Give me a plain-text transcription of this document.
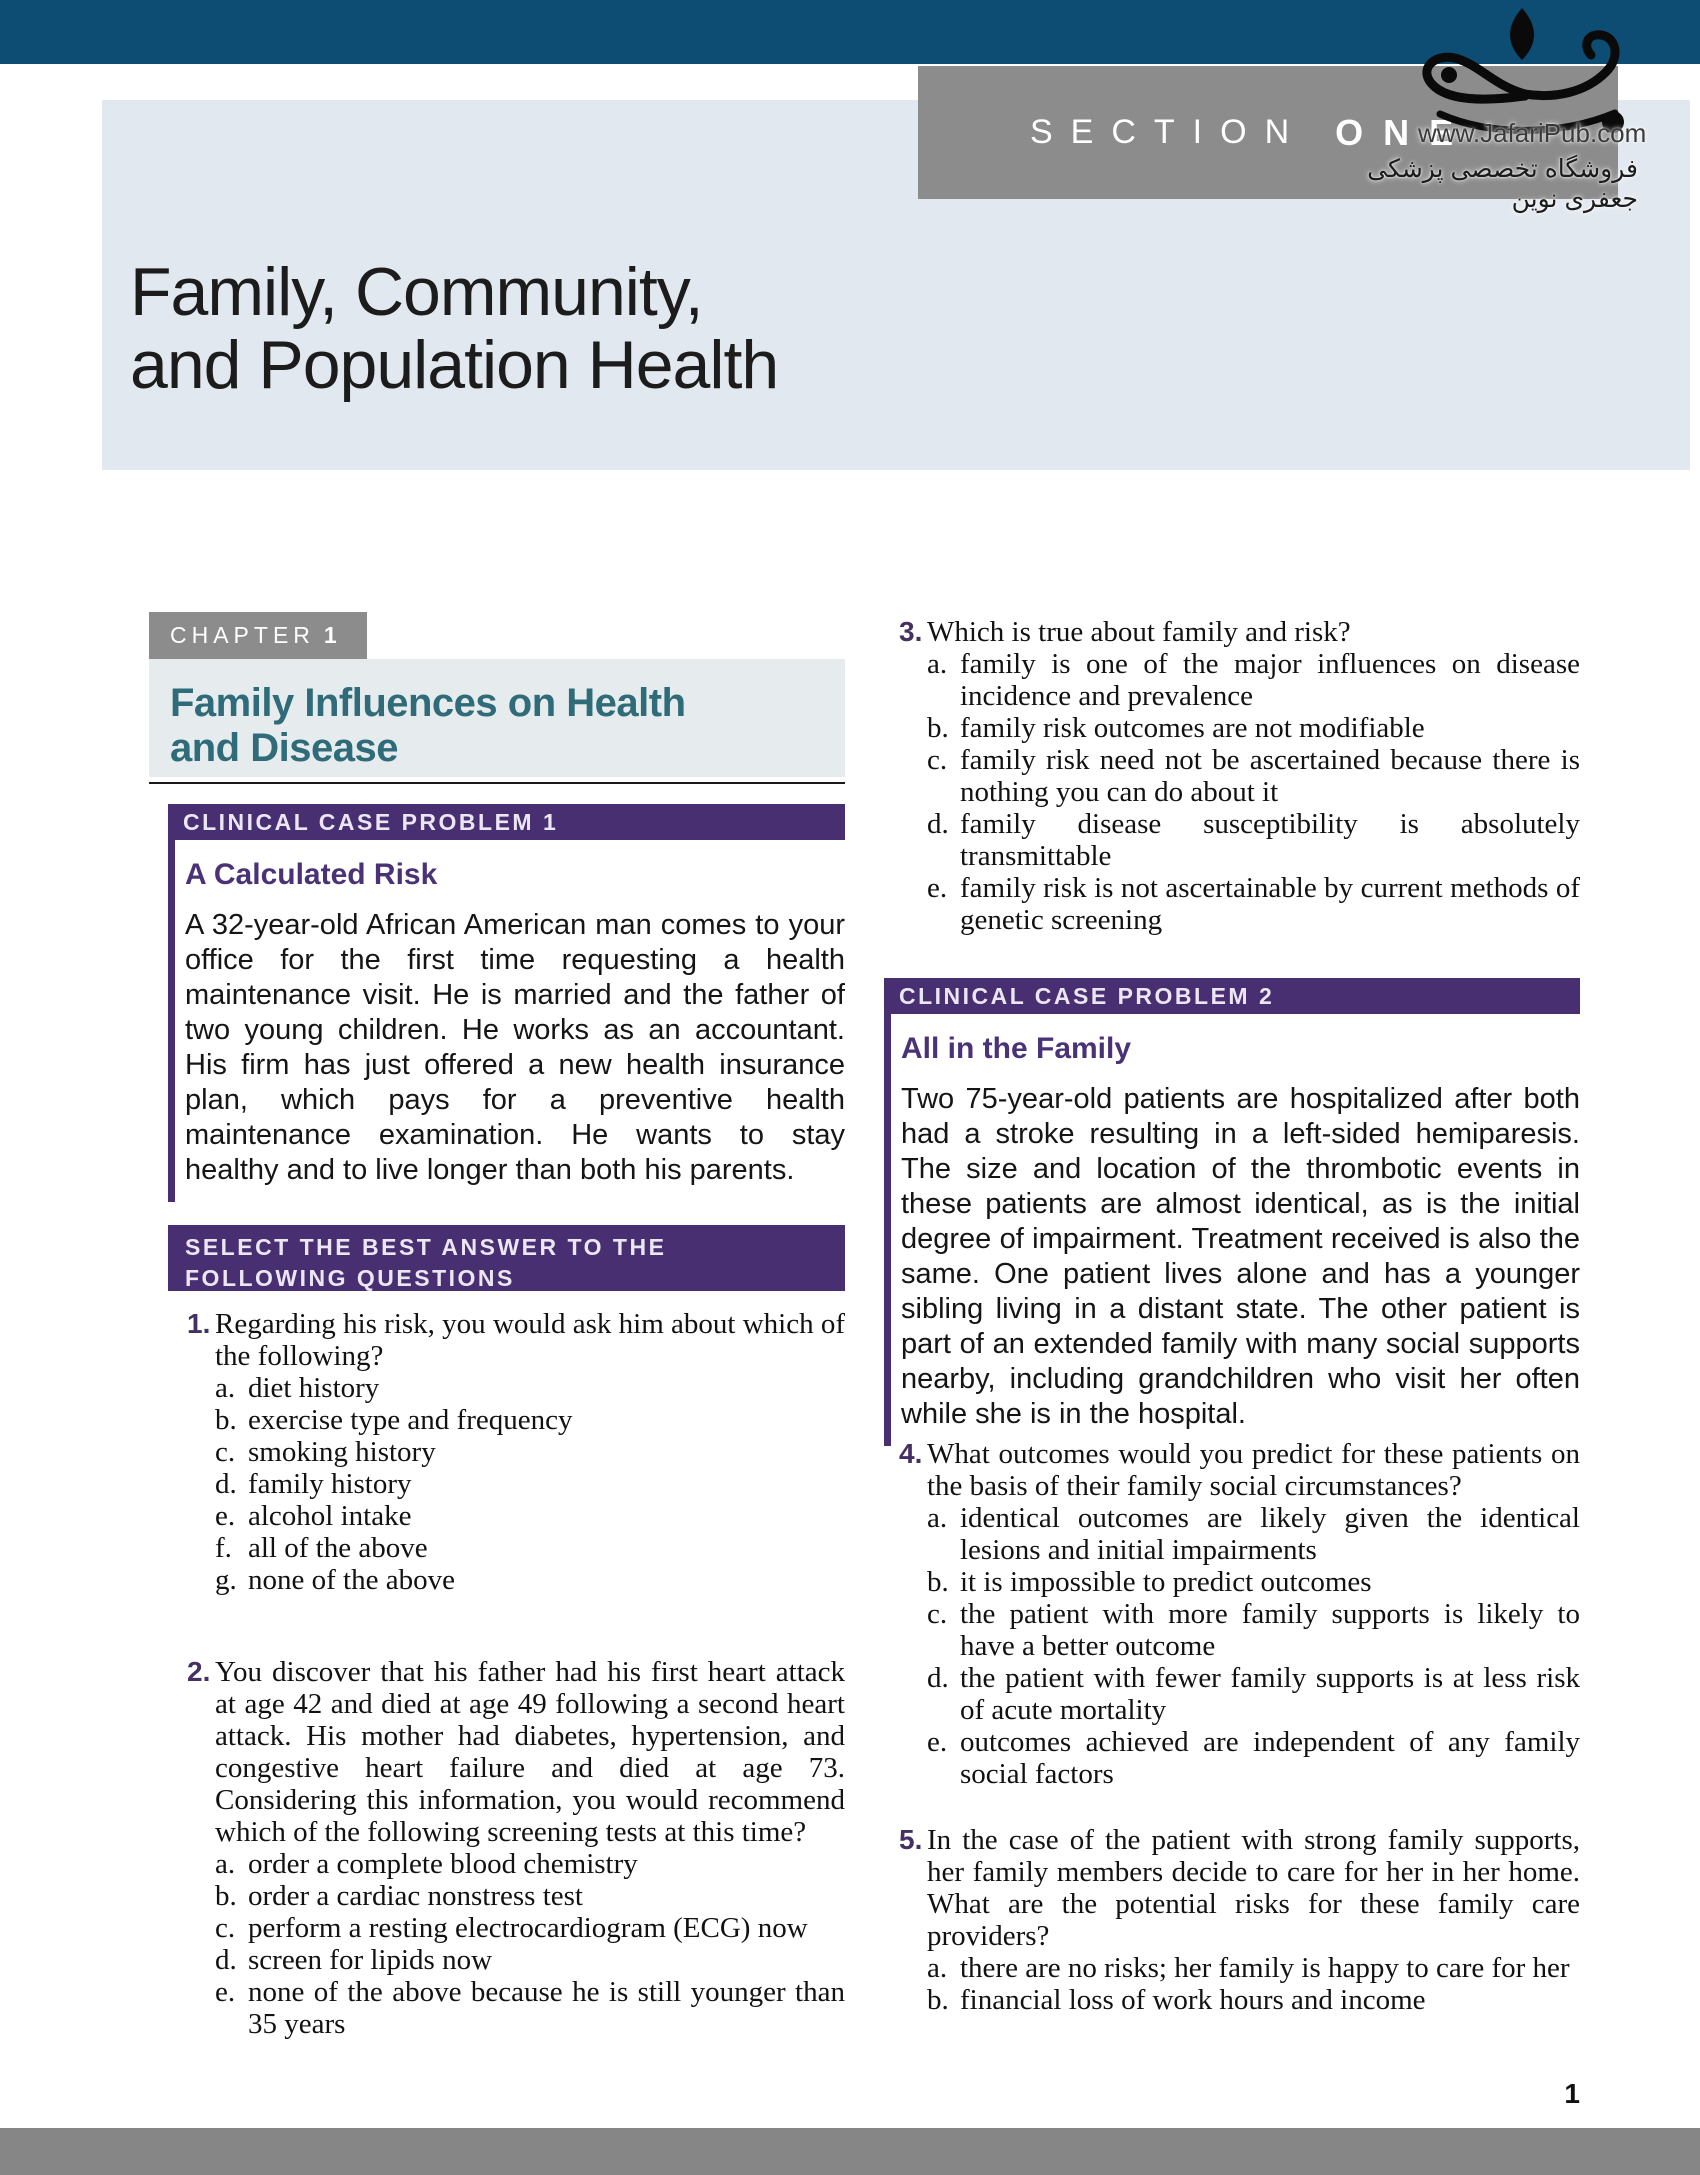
SECTION ONE
Family, Community,
and Population Health
www.JafariPub.com
فروشگاه تخصصی پزشکی جعفری نوین
CHAPTER 1
Family Influences on Health
and Disease
CLINICAL CASE PROBLEM 1
A Calculated Risk

A 32-year-old African American man comes to your office for the first time requesting a health maintenance visit. He is married and the father of two young children. He works as an accountant. His firm has just offered a new health insurance plan, which pays for a preventive health maintenance examination. He wants to stay healthy and to live longer than both his parents.

SELECT THE BEST ANSWER TO THE
FOLLOWING QUESTIONS
1. Regarding his risk, you would ask him about which of the following?
a. diet history
b. exercise type and frequency
c. smoking history
d. family history
e. alcohol intake
f. all of the above
g. none of the above
2. You discover that his father had his first heart attack at age 42 and died at age 49 following a second heart attack. His mother had diabetes, hypertension, and congestive heart failure and died at age 73. Considering this information, you would recommend which of the following screening tests at this time?
a. order a complete blood chemistry
b. order a cardiac nonstress test
c. perform a resting electrocardiogram (ECG) now
d. screen for lipids now
e. none of the above because he is still younger than 35 years
3. Which is true about family and risk?
a. family is one of the major influences on disease incidence and prevalence
b. family risk outcomes are not modifiable
c. family risk need not be ascertained because there is nothing you can do about it
d. family disease susceptibility is absolutely transmittable
e. family risk is not ascertainable by current methods of genetic screening
CLINICAL CASE PROBLEM 2
All in the Family

Two 75-year-old patients are hospitalized after both had a stroke resulting in a left-sided hemiparesis. The size and location of the thrombotic events in these patients are almost identical, as is the initial degree of impairment. Treatment received is also the same. One patient lives alone and has a younger sibling living in a distant state. The other patient is part of an extended family with many social supports nearby, including grandchildren who visit her often while she is in the hospital.

4. What outcomes would you predict for these patients on the basis of their family social circumstances?
a. identical outcomes are likely given the identical lesions and initial impairments
b. it is impossible to predict outcomes
c. the patient with more family supports is likely to have a better outcome
d. the patient with fewer family supports is at less risk of acute mortality
e. outcomes achieved are independent of any family social factors
5. In the case of the patient with strong family supports, her family members decide to care for her in her home. What are the potential risks for these family care providers?
a. there are no risks; her family is happy to care for her
b. financial loss of work hours and income
1
